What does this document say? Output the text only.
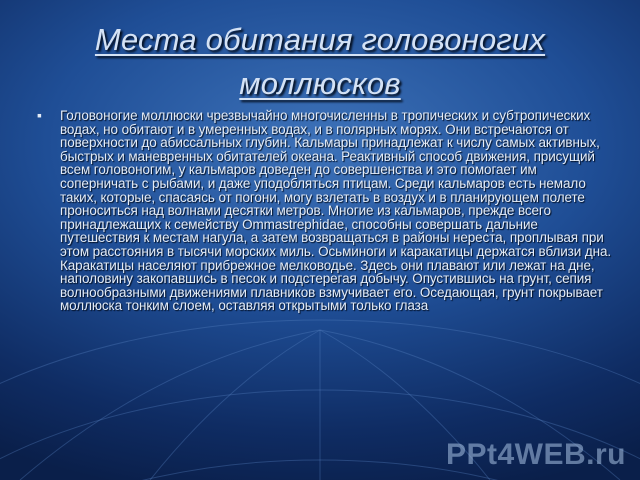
Места обитания головоногих моллюсков
▪ Головоногие моллюски чрезвычайно многочисленны в тропических и субтропических водах, но обитают и в умеренных водах, и в полярных морях. Они встречаются от поверхности до абиссальных глубин. Кальмары принадлежат к числу самых активных, быстрых и маневренных обитателей океана. Реактивный способ движения, присущий всем головоногим, у кальмаров доведен до совершенства и это помогает им соперничать с рыбами, и даже уподобляться птицам. Среди кальмаров есть немало таких, которые, спасаясь от погони, могу взлетать в воздух и в планирующем полете проноситься над волнами десятки метров. Многие из кальмаров, прежде всего принадлежащих к семейству Ommastrephidae, способны совершать дальние путешествия к местам нагула, а затем возвращаться в районы нереста, проплывая при этом расстояния в тысячи морских миль. Осьминоги и каракатицы держатся вблизи дна. Каракатицы населяют прибрежное мелководье. Здесь они плавают или лежат на дне, наполовину закопавшись в песок и подстерегая добычу. Опустившись на грунт, сепия волнообразными движениями плавников взмучивает его. Оседающая, грунт покрывает моллюска тонким слоем, оставляя открытыми только глаза

PPt4WEB.ru
